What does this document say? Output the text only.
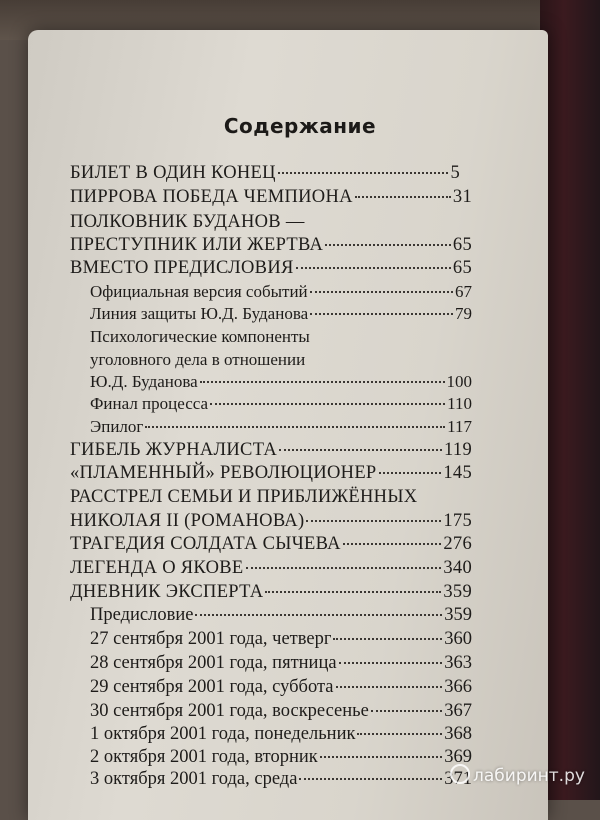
Содержание
БИЛЕТ В ОДИН КОНЕЦ	5
ПИРРОВА ПОБЕДА ЧЕМПИОНА	31
ПОЛКОВНИК БУДАНОВ —
ПРЕСТУПНИК ИЛИ ЖЕРТВА	65
ВМЕСТО ПРЕДИСЛОВИЯ	65
Официальная версия событий	67
Линия защиты Ю.Д. Буданова	79
Психологические компоненты
уголовного дела в отношении
Ю.Д. Буданова	100
Финал процесса	110
Эпилог	117
ГИБЕЛЬ ЖУРНАЛИСТА	119
«ПЛАМЕННЫЙ» РЕВОЛЮЦИОНЕР	145
РАССТРЕЛ СЕМЬИ И ПРИБЛИЖЁННЫХ
НИКОЛАЯ II (РОМАНОВА)	175
ТРАГЕДИЯ СОЛДАТА СЫЧЕВА	276
ЛЕГЕНДА О ЯКОВЕ	340
ДНЕВНИК ЭКСПЕРТА	359
Предисловие	359
27 сентября 2001 года, четверг	360
28 сентября 2001 года, пятница	363
29 сентября 2001 года, суббота	366
30 сентября 2001 года, воскресенье	367
1 октября 2001 года, понедельник	368
2 октября 2001 года, вторник	369
3 октября 2001 года, среда	371 лабиринт.ру
